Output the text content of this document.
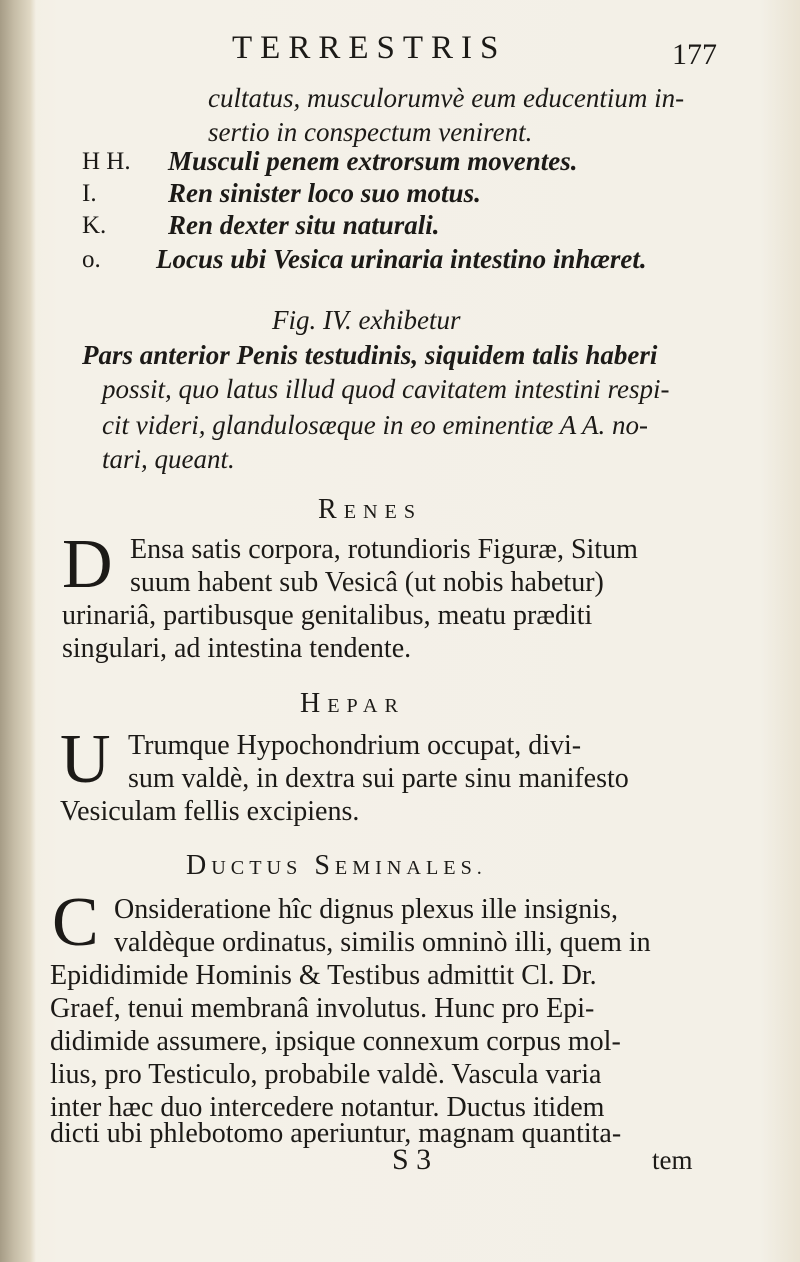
TERRESTRIS	177
cultatus, musculorumvè eum educentium in-
sertio in conspectum venirent.
H H. Musculi penem extrorsum moventes.
I.	Ren sinister loco suo motus.
K. Ren dexter situ naturali.
o. Locus ubi Vesica urinaria intestino inhæret.
Fig. IV. exhibetur
Pars anterior Penis testudinis, siquidem talis haberi
possit, quo latus illud quod cavitatem intestini respi-
cit videri, glandulosæque in eo eminentiæ A A. no-
tari, queant.
RENES
D Ensa satis corpora, rotundioris Figuræ, Situm
suum habent sub Vesicâ (ut nobis habetur)
urinariâ, partibusque genitalibus, meatu præditi
singulari, ad intestina tendente.
HEPAR
U Trumque Hypochondrium occupat, divi-
sum valdè, in dextra sui parte sinu manifesto
Vesiculam fellis excipiens.
DUCTUS SEMINALES.
C Onsideratione hîc dignus plexus ille insignis,
valdèque ordinatus, similis omninò illi, quem in
Epididimide Hominis & Testibus admittit Cl. Dr.
Graef, tenui membranâ involutus. Hunc pro Epi-
didimide assumere, ipsique connexum corpus mol-
lius, pro Testiculo, probabile valdè. Vascula varia
inter hæc duo intercedere notantur. Ductus itidem
dicti ubi phlebotomo aperiuntur, magnam quantita-
S 3	tem
